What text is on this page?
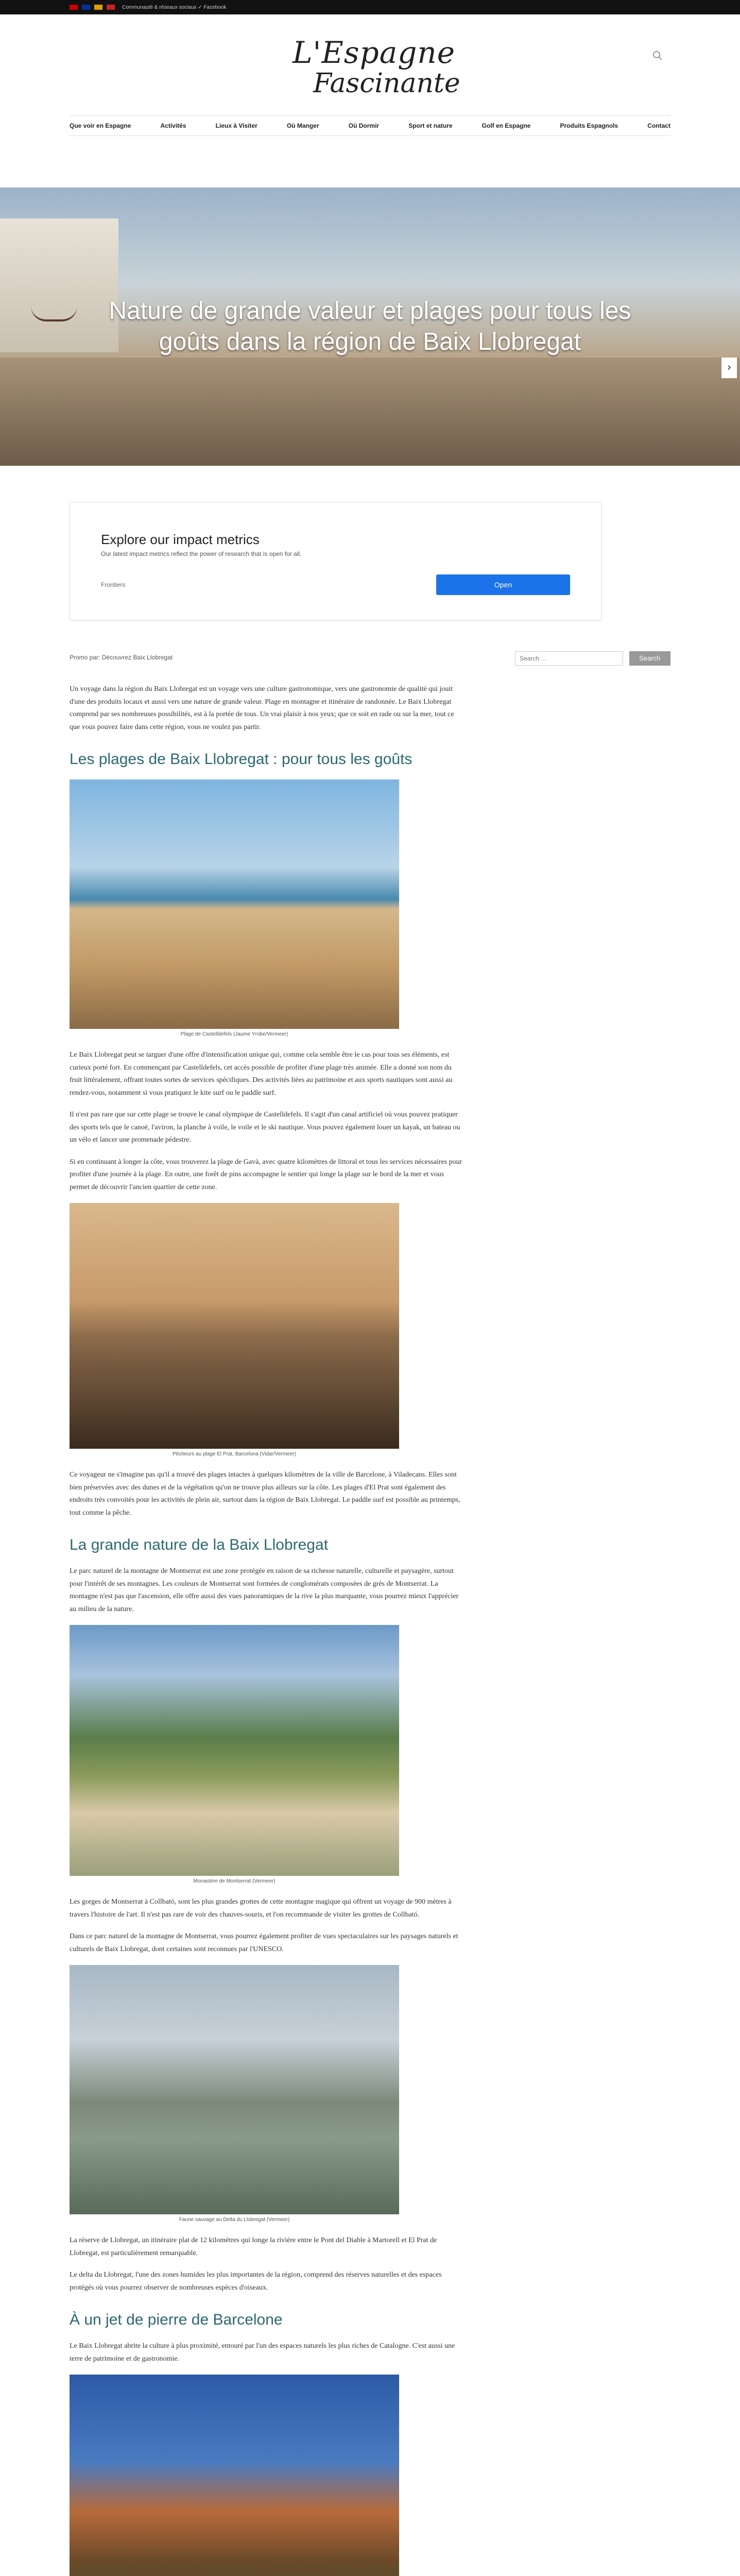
Communauté & réseaux sociaux ✓ Facebook
L'Espagne
Fascinante
Que voir en Espagne	Activités	Lieux à Visiter	Où Manger	Où Dormir	Sport et nature	Golf en Espagne	Produits Espagnols	Contact
Nature de grande valeur et plages pour tous les goûts dans la région de Baix Llobregat
›
Explore our impact metrics
Our latest impact metrics reflect the power of research that is open for all.
Frontiers	Open
Search … Search
Promo par: Découvrez Baix Llobregat

Un voyage dans la région du Baix Llobregat est un voyage vers une culture gastronomique, vers une gastronomie de qualité qui jouit d'une des produits locaux et aussi vers une nature de grande valeur. Plage en montagne et itinéraire de randonnée. Le Baix Llobregat comprend par ses nombreuses possibilités, est à la portée de tous. Un vrai plaisir à nos yeux; que ce soit en rade ou sur la mer, tout ce que vous pouvez faire dans cette région, vous ne voulez pas partir.

Les plages de Baix Llobregat : pour tous les goûts
Plage de Castelldefels (Jaume Yrobe/Vermeer)

Le Baix Llobregat peut se targuer d'une offre d'intensification unique qui, comme cela semble être le cas pour tous ses éléments, est curieux porté fort. En commençant par Castelldefels, cet accès possible de profiter d'une plage très animée. Elle a donné son nom du fruit littéralement, offrant toutes sortes de services spécifiques. Des activités liées au patrimoine et aux sports nautiques sont aussi au rendez-vous, notamment si vous pratiquez le kite surf ou le paddle surf.

Il n'est pas rare que sur cette plage se trouve le canal olympique de Castelldefels. Il s'agit d'un canal artificiel où vous pouvez pratiquer des sports tels que le canoë, l'aviron, la planche à voile, le voile et le ski nautique. Vous pouvez également louer un kayak, un bateau ou un vélo et lancer une promenade pédestre.

Si en continuant à longer la côte, vous trouverez la plage de Gavà, avec quatre kilomètres de littoral et tous les services nécessaires pour profiter d'une journée à la plage. En outre, une forêt de pins accompagne le sentier qui longe la plage sur le bord de la mer et vous permet de découvrir l'ancien quartier de cette zone.

Pêcheurs au plage El Prat, Barcelona (Vidar/Vermeer)

Ce voyageur ne s'imagine pas qu'il a trouvé des plages intactes à quelques kilomètres de la ville de Barcelone, à Viladecans. Elles sont bien préservées avec des dunes et de la végétation qu'on ne trouve plus ailleurs sur la côte. Les plages d'El Prat sont également des endroits très convoités pour les activités de plein air, surtout dans la région de Baix Llobregat. Le paddle surf est possible au printemps, tout comme la pêche.

La grande nature de la Baix Llobregat

Le parc naturel de la montagne de Montserrat est une zone protégée en raison de sa richesse naturelle, culturelle et paysagère, surtout pour l'intérêt de ses montagnes. Les couleurs de Montserrat sont formées de conglomérats composées de grès de Montserrat. La montagne n'est pas que l'ascension, elle offre aussi des vues panoramiques de la rive la plus marquante, vous pourrez mieux l'apprécier au milieu de la nature.

Monastère de Montserrat (Vermeer)

Les gorges de Montserrat à Collbató, sont les plus grandes grottes de cette montagne magique qui offrent un voyage de 900 mètres à travers l'histoire de l'art. Il n'est pas rare de voir des chauves-souris, et l'on recommande de visiter les grottes de Collbató.

Dans ce parc naturel de la montagne de Montserrat, vous pourrez également profiter de vues spectaculaires sur les paysages naturels et culturels de Baix Llobregat, dont certaines sont reconnues par l'UNESCO.

Faune sauvage au Delta du Llobregat (Vermeer)

La réserve de Llobregat, un itinéraire plat de 12 kilomètres qui longe la rivière entre le Pont del Diable à Martorell et El Prat de Llobregat, est particulièrement remarquable.

Le delta du Llobregat, l'une des zones humides les plus importantes de la région, comprend des réserves naturelles et des espaces protégés où vous pourrez observer de nombreuses espèces d'oiseaux.

À un jet de pierre de Barcelone

Le Baix Llobregat abrite la culture à plus proximité, entouré par l'un des espaces naturels les plus riches de Catalogne. C'est aussi une terre de patrimoine et de gastronomie.
